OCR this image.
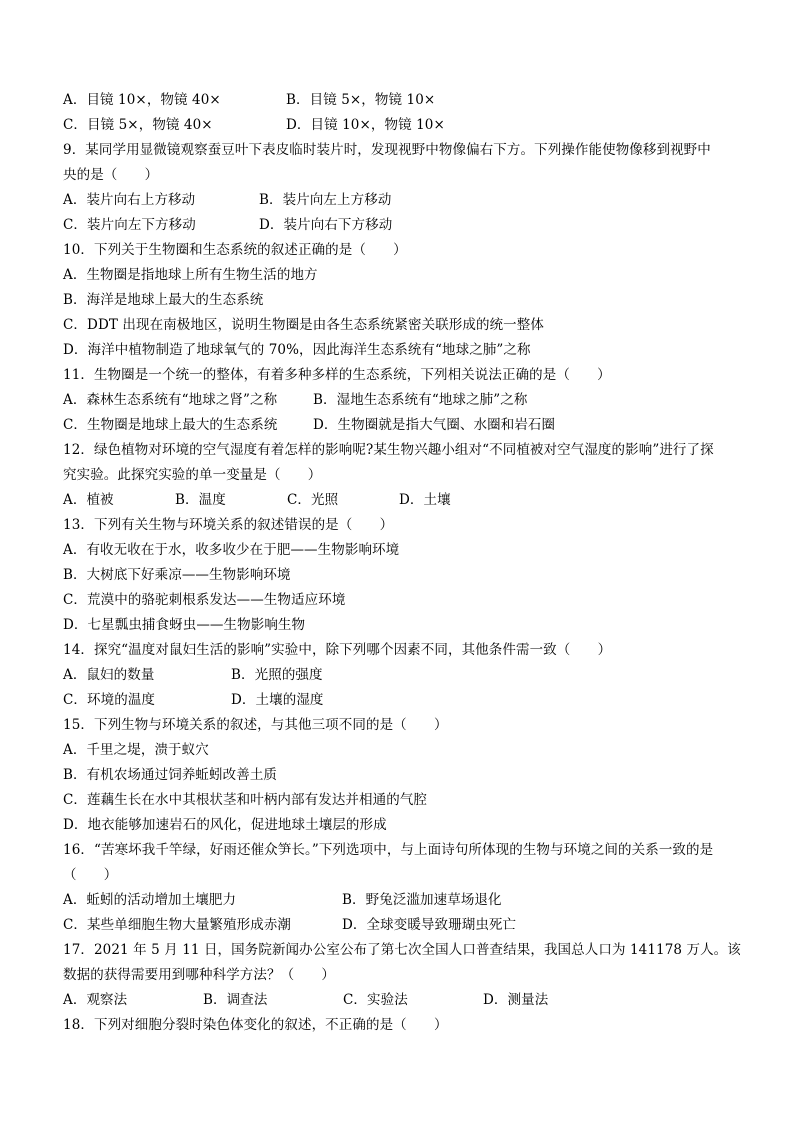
A．目镜 10×，物镜 40×	B．目镜 5×，物镜 10×
C．目镜 5×，物镜 40×	D．目镜 10×，物镜 10×
9．某同学用显微镜观察蚕豆叶下表皮临时装片时，发现视野中物像偏右下方。下列操作能使物像移到视野中
央的是（　　）
A．装片向右上方移动	B．装片向左上方移动
C．装片向左下方移动	D．装片向右下方移动
10．下列关于生物圈和生态系统的叙述正确的是（　　）
A．生物圈是指地球上所有生物生活的地方
B．海洋是地球上最大的生态系统
C．DDT 出现在南极地区，说明生物圈是由各生态系统紧密关联形成的统一整体
D．海洋中植物制造了地球氧气的 70%，因此海洋生态系统有“地球之肺”之称
11．生物圈是一个统一的整体，有着多种多样的生态系统，下列相关说法正确的是（　　）
A．森林生态系统有“地球之肾”之称	B．湿地生态系统有“地球之肺”之称
C．生物圈是地球上最大的生态系统	D．生物圈就是指大气圈、水圈和岩石圈
12．绿色植物对环境的空气湿度有着怎样的影响呢?某生物兴趣小组对“不同植被对空气湿度的影响”进行了探
究实验。此探究实验的单一变量是（　　）
A．植被	B．温度	C．光照	D．土壤
13．下列有关生物与环境关系的叙述错误的是（　　）
A．有收无收在于水，收多收少在于肥——生物影响环境
B．大树底下好乘凉——生物影响环境
C．荒漠中的骆驼刺根系发达——生物适应环境
D．七星瓢虫捕食蚜虫——生物影响生物
14．探究“温度对鼠妇生活的影响”实验中，除下列哪个因素不同，其他条件需一致（　　）
A．鼠妇的数量	B．光照的强度
C．环境的温度	D．土壤的湿度
15．下列生物与环境关系的叙述，与其他三项不同的是（　　）
A．千里之堤，溃于蚁穴
B．有机农场通过饲养蚯蚓改善土质
C．莲藕生长在水中其根状茎和叶柄内部有发达并相通的气腔
D．地衣能够加速岩石的风化，促进地球土壤层的形成
16．“苦寒坏我千竿绿，好雨还催众笋长。”下列选项中，与上面诗句所体现的生物与环境之间的关系一致的是
（　　）
A．蚯蚓的活动增加土壤肥力	B．野兔泛滥加速草场退化
C．某些单细胞生物大量繁殖形成赤潮	D．全球变暖导致珊瑚虫死亡
17．2021 年 5 月 11 日，国务院新闻办公室公布了第七次全国人口普查结果，我国总人口为 141178 万人。该
数据的获得需要用到哪种科学方法？（　　）
A．观察法	B．调查法	C．实验法	D．测量法
18．下列对细胞分裂时染色体变化的叙述，不正确的是（　　）
